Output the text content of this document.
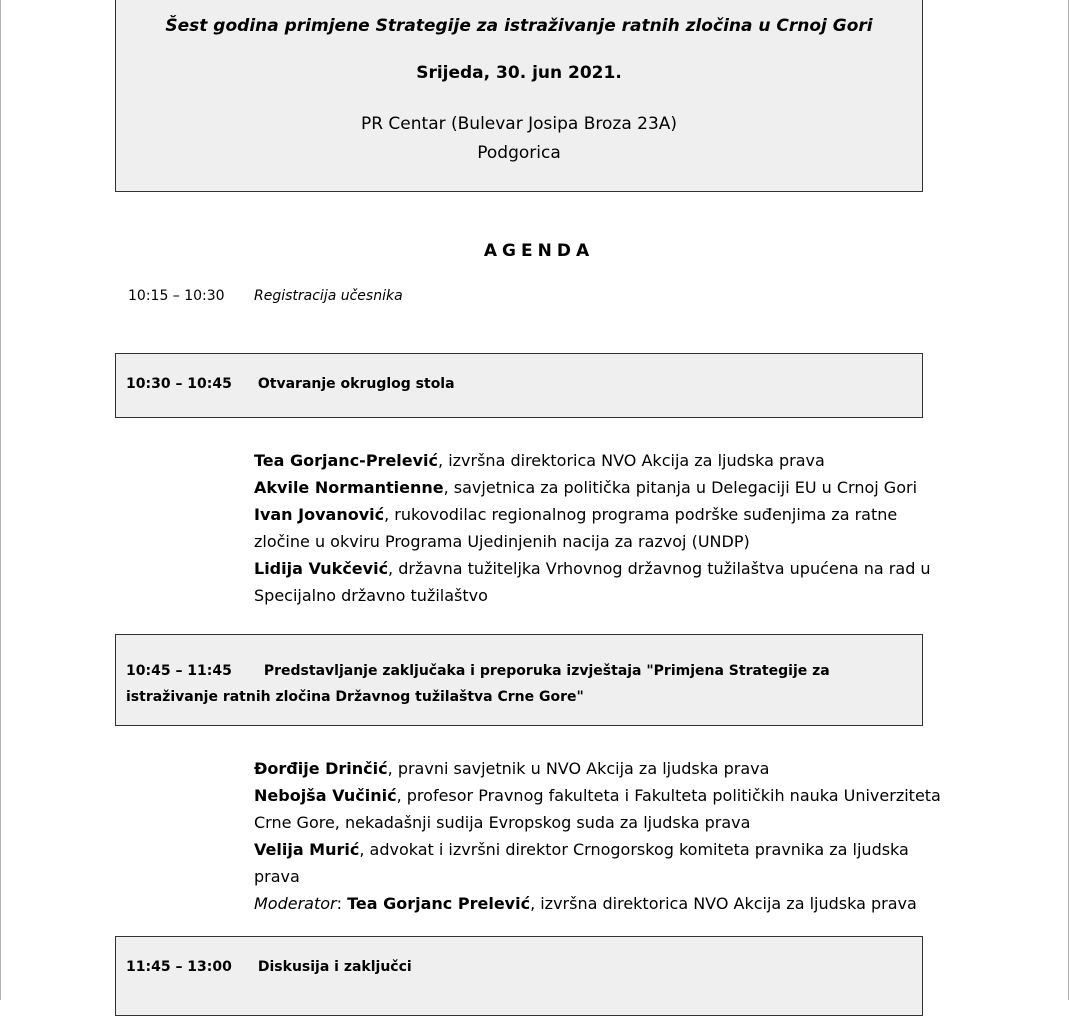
Šest godina primjene Strategije za istraživanje ratnih zločina u Crnoj Gori
Srijeda, 30. jun 2021.
PR Centar (Bulevar Josipa Broza 23A)
Podgorica
AGENDA
10:15 – 10:30 Registracija učesnika
10:30 – 10:45 Otvaranje okruglog stola
Tea Gorjanc-Prelević, izvršna direktorica NVO Akcija za ljudska prava
Akvile Normantienne, savjetnica za politička pitanja u Delegaciji EU u Crnoj Gori
Ivan Jovanović, rukovodilac regionalnog programa podrške suđenjima za ratne zločine u okviru Programa Ujedinjenih nacija za razvoj (UNDP)
Lidija Vukčević, državna tužiteljka Vrhovnog državnog tužilaštva upućena na rad u Specijalno državno tužilaštvo
10:45 – 11:45 Predstavljanje zaključaka i preporuka izvještaja "Primjena Strategije za istraživanje ratnih zločina Državnog tužilaštva Crne Gore"
Đorđije Drinčić, pravni savjetnik u NVO Akcija za ljudska prava
Nebojša Vučinić, profesor Pravnog fakulteta i Fakulteta političkih nauka Univerziteta Crne Gore, nekadašnji sudija Evropskog suda za ljudska prava
Velija Murić, advokat i izvršni direktor Crnogorskog komiteta pravnika za ljudska prava
Moderator: Tea Gorjanc Prelević, izvršna direktorica NVO Akcija za ljudska prava
11:45 – 13:00 Diskusija i zaključci
